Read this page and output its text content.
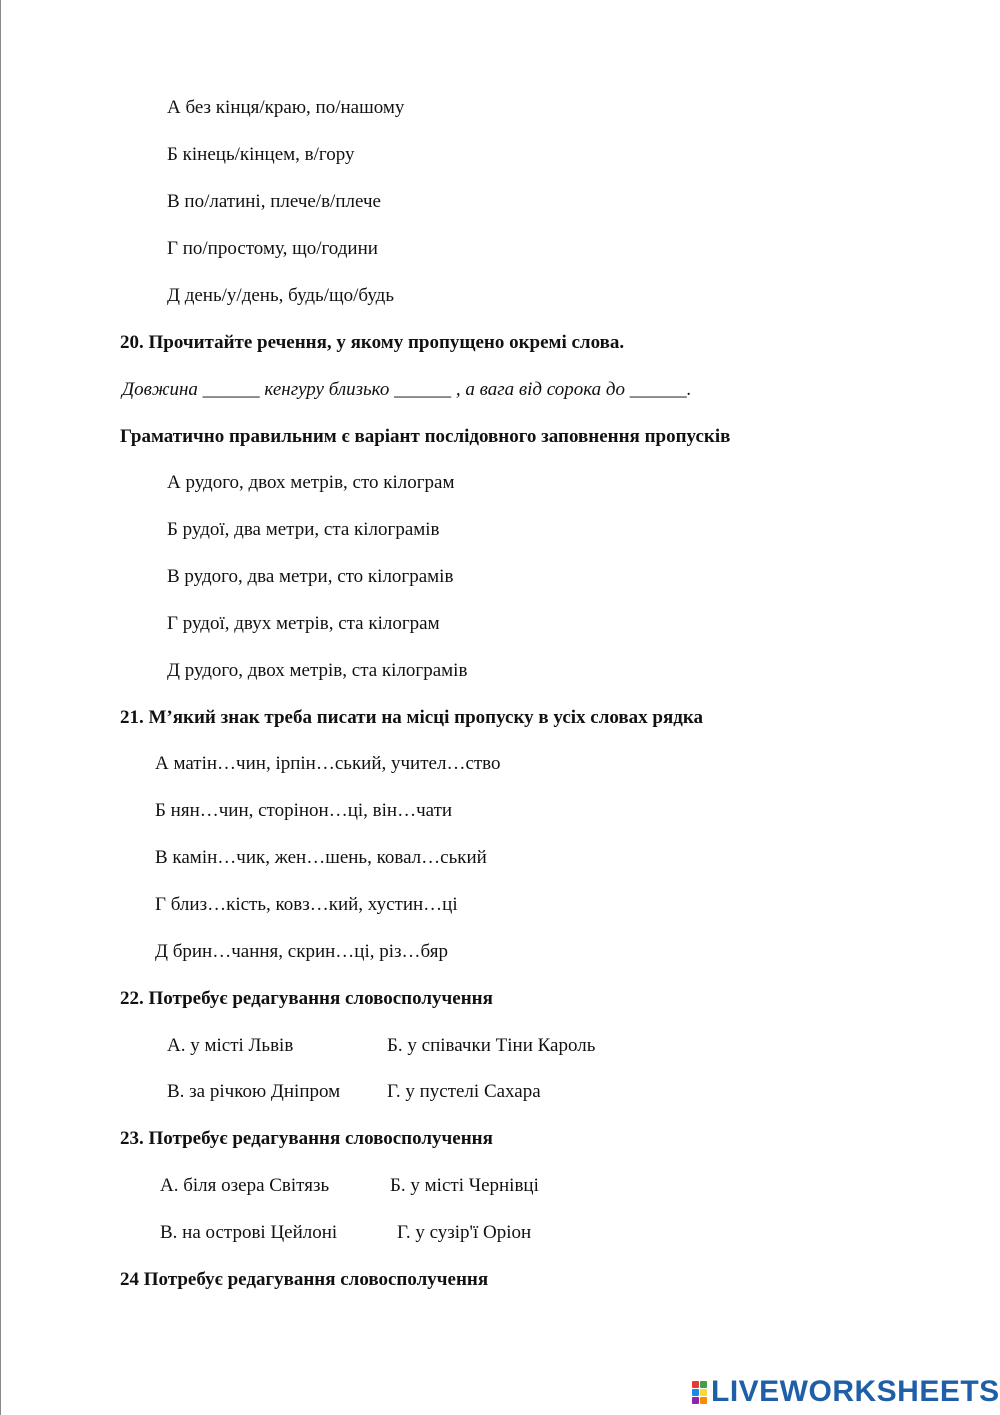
А без кінця/краю, по/нашому
Б кінець/кінцем, в/гору
В по/латині, плече/в/плече
Г по/простому, що/години
Д день/у/день, будь/що/будь
20. Прочитайте речення, у якому пропущено окремі слова.
Довжина ______ кенгуру близько ______ , а вага від сорока до ______.
Граматично правильним є варіант послідовного заповнення пропусків
А рудого, двох метрів, сто кілограм
Б рудої, два метри, ста кілограмів
В рудого, два метри, сто кілограмів
Г рудої, двух метрів, ста кілограм
Д рудого, двох метрів, ста кілограмів
21. М’який знак треба писати на місці пропуску в усіх словах рядка
А матін…чин, ірпін…ський, учител…ство
Б нян…чин, сторінон…ці, він…чати
В камін…чик, жен…шень, ковал…ський
Г близ…кість, ковз…кий, хустин…ці
Д брин…чання, скрин…ці, різ…бяр
22. Потребує редагування словосполучення
А. у місті Львів	Б. у співачки Тіни Кароль
В. за річкою Дніпром Г. у пустелі Сахара
23. Потребує редагування словосполучення
А. біля озера Світязь	Б. у місті Чернівці
В. на острові Цейлоні	Г. у сузір'ї Оріон
24 Потребує редагування словосполучення
LIVEWORKSHEETS
